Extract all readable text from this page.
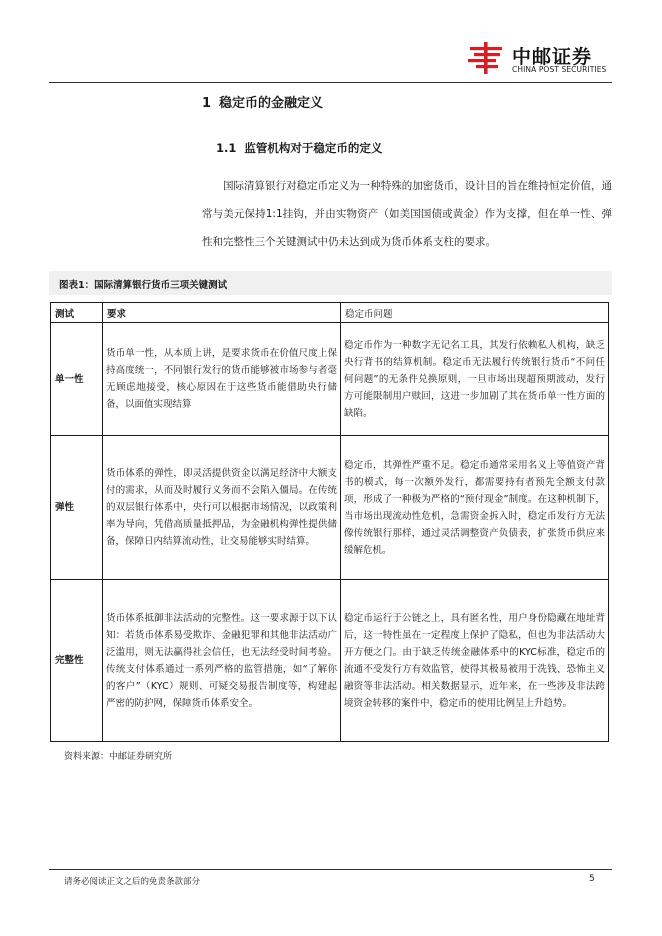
中邮证券
CHINA POST SECURITIES
1 稳定币的金融定义
1.1 监管机构对于稳定币的定义
国际清算银行对稳定币定义为一种特殊的加密货币，设计目的旨在维持恒定价值，通常与美元保持1:1挂钩，并由实物资产（如美国国债或黄金）作为支撑，但在单一性、弹性和完整性三个关键测试中仍未达到成为货币体系支柱的要求。
图表1：国际清算银行货币三项关键测试
测试	要求	稳定币问题
单一性	货币单一性，从本质上讲，是要求货币在价值尺度上保持高度统一，不同银行发行的货币能够被市场参与者毫无顾虑地接受，核心原因在于这些货币能借助央行储备，以面值实现结算	稳定币作为一种数字无记名工具，其发行依赖私人机构，缺乏央行背书的结算机制。稳定币无法履行传统银行货币“不问任何问题”的无条件兑换原则，一旦市场出现超预期波动，发行方可能限制用户赎回，这进一步加剧了其在货币单一性方面的缺陷。
弹性	货币体系的弹性，即灵活提供资金以满足经济中大额支付的需求，从而及时履行义务而不会陷入僵局。在传统的双层银行体系中，央行可以根据市场情况，以政策利率为导向，凭借高质量抵押品，为金融机构弹性提供储备，保障日内结算流动性，让交易能够实时结算。	稳定币，其弹性严重不足。稳定币通常采用名义上等值资产背书的模式，每一次额外发行，都需要持有者预先全额支付款项，形成了一种极为严格的“预付现金”制度。在这种机制下，当市场出现流动性危机，急需资金拆入时，稳定币发行方无法像传统银行那样，通过灵活调整资产负债表，扩张货币供应来缓解危机。
完整性	货币体系抵御非法活动的完整性。这一要求源于以下认知：若货币体系易受欺诈、金融犯罪和其他非法活动广泛滥用，则无法赢得社会信任，也无法经受时间考验。传统支付体系通过一系列严格的监管措施，如“了解你的客户”（KYC）规则、可疑交易报告制度等，构建起严密的防护网，保障货币体系安全。	稳定币运行于公链之上，具有匿名性，用户身份隐藏在地址背后，这一特性虽在一定程度上保护了隐私，但也为非法活动大开方便之门。由于缺乏传统金融体系中的KYC标准，稳定币的流通不受发行方有效监管，使得其极易被用于洗钱、恐怖主义融资等非法活动。相关数据显示，近年来，在一些涉及非法跨境资金转移的案件中，稳定币的使用比例呈上升趋势。
资料来源：中邮证券研究所
请务必阅读正文之后的免责条款部分	5
